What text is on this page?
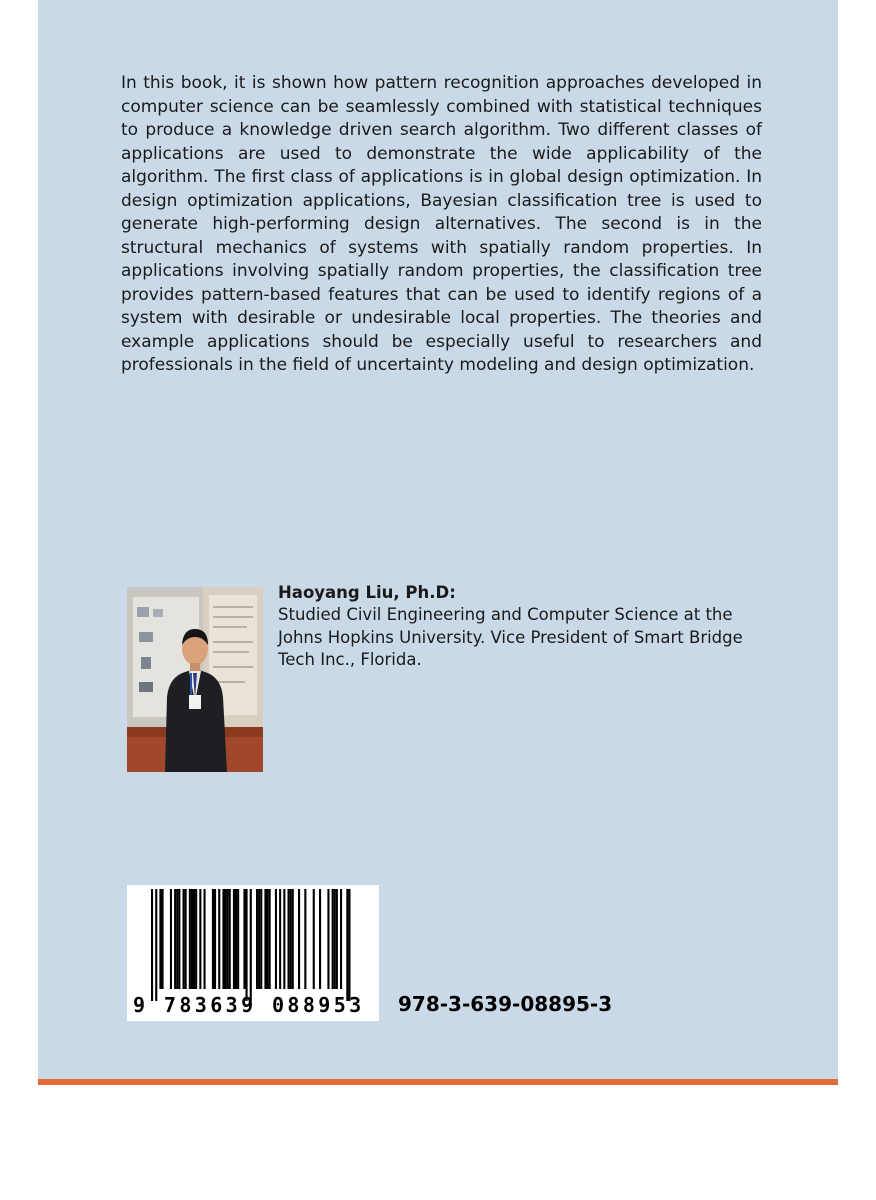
In this book, it is shown how pattern recognition approaches developed in computer science can be seamlessly combined with statistical techniques to produce a knowledge driven search algorithm. Two different classes of applications are used to demonstrate the wide applicability of the algorithm. The first class of applications is in global design optimization. In design optimization applications, Bayesian classification tree is used to generate high-performing design alternatives. The second is in the structural mechanics of systems with spatially random properties. In applications involving spatially random properties, the classification tree provides pattern-based features that can be used to identify regions of a system with desirable or undesirable local properties. The theories and example applications should be especially useful to researchers and professionals in the field of uncertainty modeling and design optimization.

Haoyang Liu, Ph.D:

Studied Civil Engineering and Computer Science at the Johns Hopkins University. Vice President of Smart Bridge Tech Inc., Florida.

9 783639 088953 978-3-639-08895-3
